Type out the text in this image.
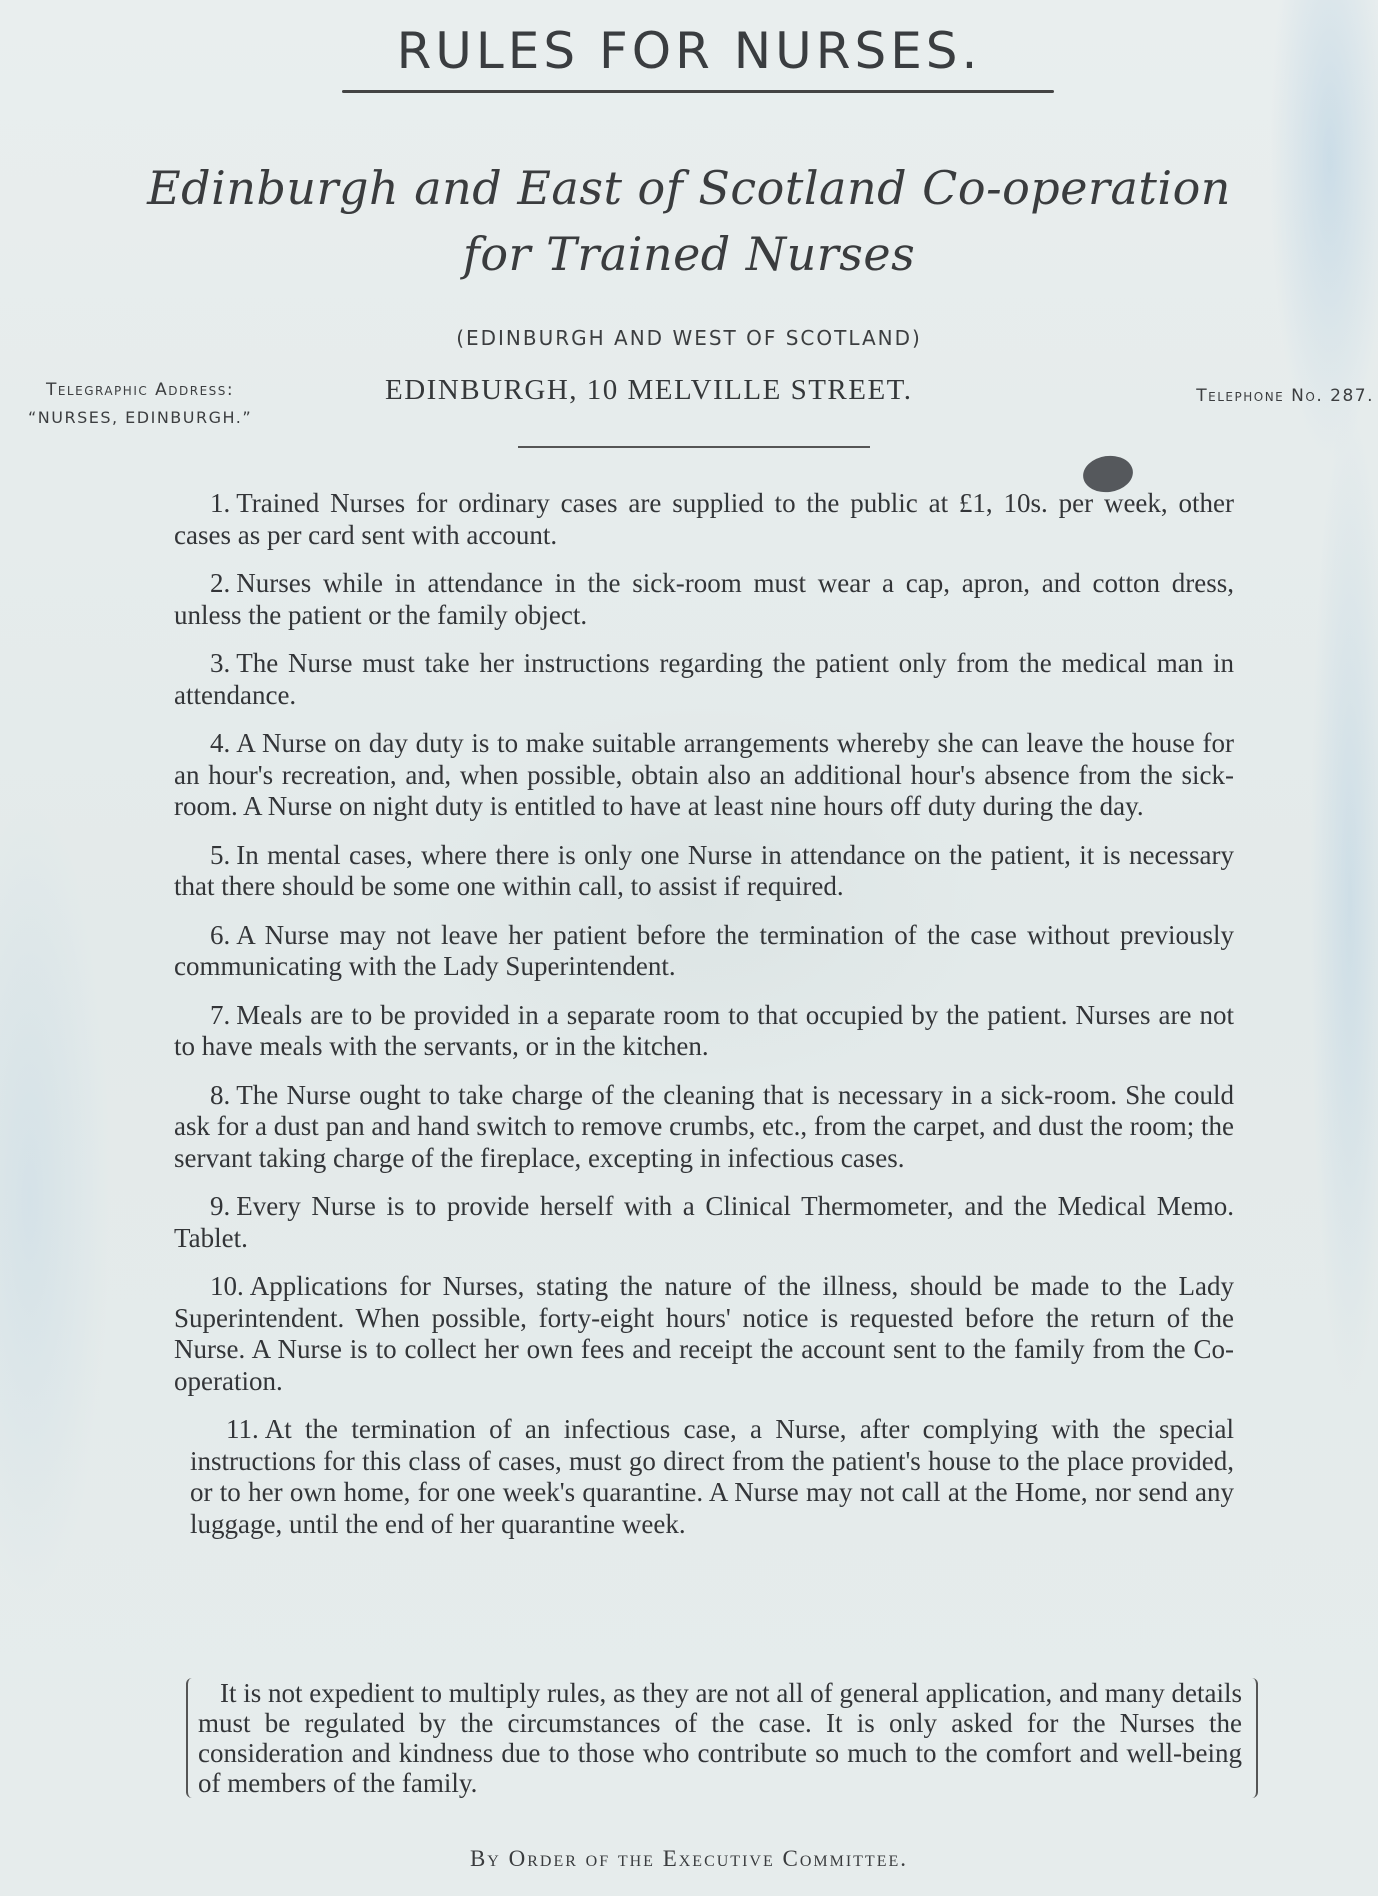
RULES FOR NURSES.
Edinburgh and East of Scotland Co-operation
for Trained Nurses
(EDINBURGH AND WEST OF SCOTLAND)
Telegraphic Address:
“NURSES, EDINBURGH.”
EDINBURGH, 10 MELVILLE STREET.	Telephone No. 287.

1. Trained Nurses for ordinary cases are supplied to the public at £1, 10s. per week, other cases as per card sent with account.

2. Nurses while in attendance in the sick-room must wear a cap, apron, and cotton dress, unless the patient or the family object.

3. The Nurse must take her instructions regarding the patient only from the medical man in attendance.

4. A Nurse on day duty is to make suitable arrangements whereby she can leave the house for an hour's recreation, and, when possible, obtain also an additional hour's absence from the sick-room. A Nurse on night duty is entitled to have at least nine hours off duty during the day.

5. In mental cases, where there is only one Nurse in attendance on the patient, it is necessary that there should be some one within call, to assist if required.

6. A Nurse may not leave her patient before the termination of the case without previously communicating with the Lady Superintendent.

7. Meals are to be provided in a separate room to that occupied by the patient. Nurses are not to have meals with the servants, or in the kitchen.

8. The Nurse ought to take charge of the cleaning that is necessary in a sick-room. She could ask for a dust pan and hand switch to remove crumbs, etc., from the carpet, and dust the room; the servant taking charge of the fireplace, excepting in infectious cases.

9. Every Nurse is to provide herself with a Clinical Thermometer, and the Medical Memo. Tablet.

10. Applications for Nurses, stating the nature of the illness, should be made to the Lady Superintendent. When possible, forty-eight hours' notice is requested before the return of the Nurse. A Nurse is to collect her own fees and receipt the account sent to the family from the Co-operation.

11. At the termination of an infectious case, a Nurse, after complying with the special instructions for this class of cases, must go direct from the patient's house to the place provided, or to her own home, for one week's quarantine. A Nurse may not call at the Home, nor send any luggage, until the end of her quarantine week.

It is not expedient to multiply rules, as they are not all of general application, and many details must be regulated by the circumstances of the case. It is only asked for the Nurses the consideration and kindness due to those who contribute so much to the comfort and well-being of members of the family.
By Order of the Executive Committee.
